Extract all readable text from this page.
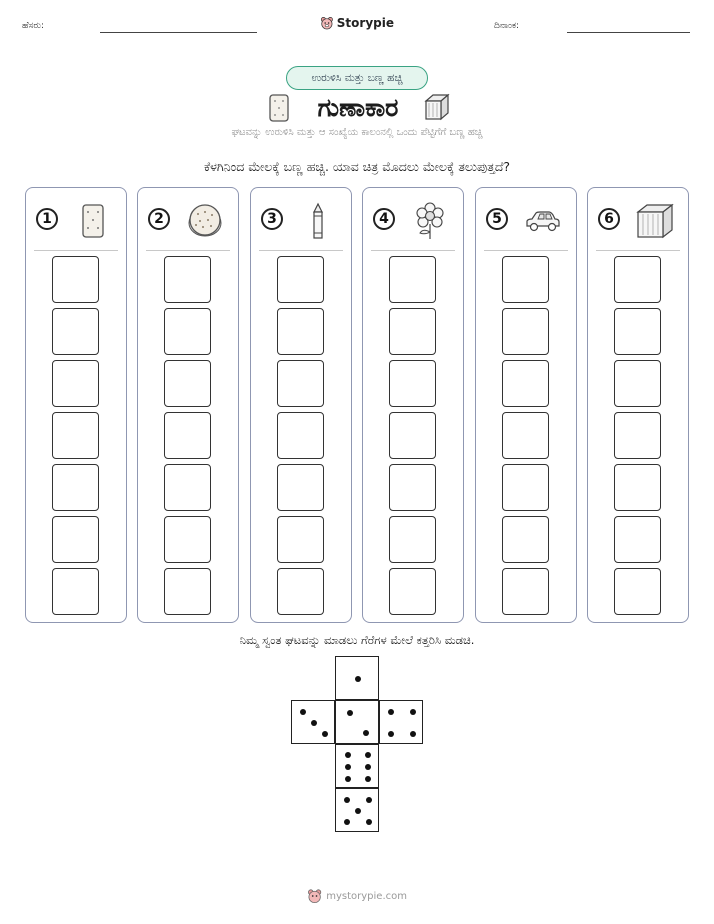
ಹೆಸರು:	Storypie	ದಿನಾಂಕ:
ಉರುಳಿಸಿ ಮತ್ತು ಬಣ್ಣ ಹಚ್ಚಿ
ಗುಣಾಕಾರ
ಘಟವನ್ನು ಉರುಳಿಸಿ ಮತ್ತು ಆ ಸಂಖ್ಯೆಯ ಕಾಲಂನಲ್ಲಿ ಒಂದು ಪೆಟ್ಟಿಗೆಗೆ ಬಣ್ಣ ಹಚ್ಚಿ
ಕೆಳಗಿನಿಂದ ಮೇಲಕ್ಕೆ ಬಣ್ಣ ಹಚ್ಚಿ. ಯಾವ ಚಿತ್ರ ಮೊದಲು ಮೇಲಕ್ಕೆ ತಲುಪುತ್ತದೆ?
1	2	3	4	5	6
ನಿಮ್ಮ ಸ್ವಂತ ಘಟವನ್ನು ಮಾಡಲು ಗೆರೆಗಳ ಮೇಲೆ ಕತ್ತರಿಸಿ ಮಡಚಿ.
mystorypie.com
